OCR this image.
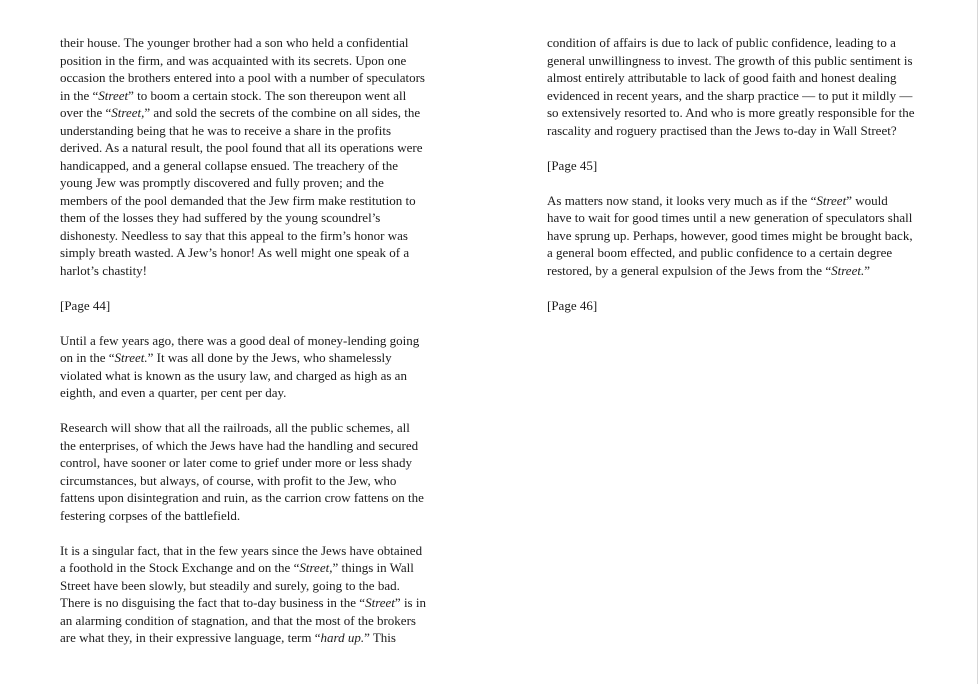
their house. The younger brother had a son who held a confidential
position in the firm, and was acquainted with its secrets. Upon one
occasion the brothers entered into a pool with a number of speculators
in the “Street” to boom a certain stock. The son thereupon went all
over the “Street,” and sold the secrets of the combine on all sides, the
understanding being that he was to receive a share in the profits
derived. As a natural result, the pool found that all its operations were
handicapped, and a general collapse ensued. The treachery of the
young Jew was promptly discovered and fully proven; and the
members of the pool demanded that the Jew firm make restitution to
them of the losses they had suffered by the young scoundrel’s
dishonesty. Needless to say that this appeal to the firm’s honor was
simply breath wasted. A Jew’s honor! As well might one speak of a
harlot’s chastity!
[Page 44]
Until a few years ago, there was a good deal of money-lending going
on in the “Street.” It was all done by the Jews, who shamelessly
violated what is known as the usury law, and charged as high as an
eighth, and even a quarter, per cent per day.
Research will show that all the railroads, all the public schemes, all
the enterprises, of which the Jews have had the handling and secured
control, have sooner or later come to grief under more or less shady
circumstances, but always, of course, with profit to the Jew, who
fattens upon disintegration and ruin, as the carrion crow fattens on the
festering corpses of the battlefield.
It is a singular fact, that in the few years since the Jews have obtained
a foothold in the Stock Exchange and on the “Street,” things in Wall
Street have been slowly, but steadily and surely, going to the bad.
There is no disguising the fact that to-day business in the “Street” is in
an alarming condition of stagnation, and that the most of the brokers
are what they, in their expressive language, term “hard up.” This
condition of affairs is due to lack of public confidence, leading to a
general unwillingness to invest. The growth of this public sentiment is
almost entirely attributable to lack of good faith and honest dealing
evidenced in recent years, and the sharp practice — to put it mildly —
so extensively resorted to. And who is more greatly responsible for the
rascality and roguery practised than the Jews to-day in Wall Street?
[Page 45]
As matters now stand, it looks very much as if the “Street” would
have to wait for good times until a new generation of speculators shall
have sprung up. Perhaps, however, good times might be brought back,
a general boom effected, and public confidence to a certain degree
restored, by a general expulsion of the Jews from the “Street.”
[Page 46]
